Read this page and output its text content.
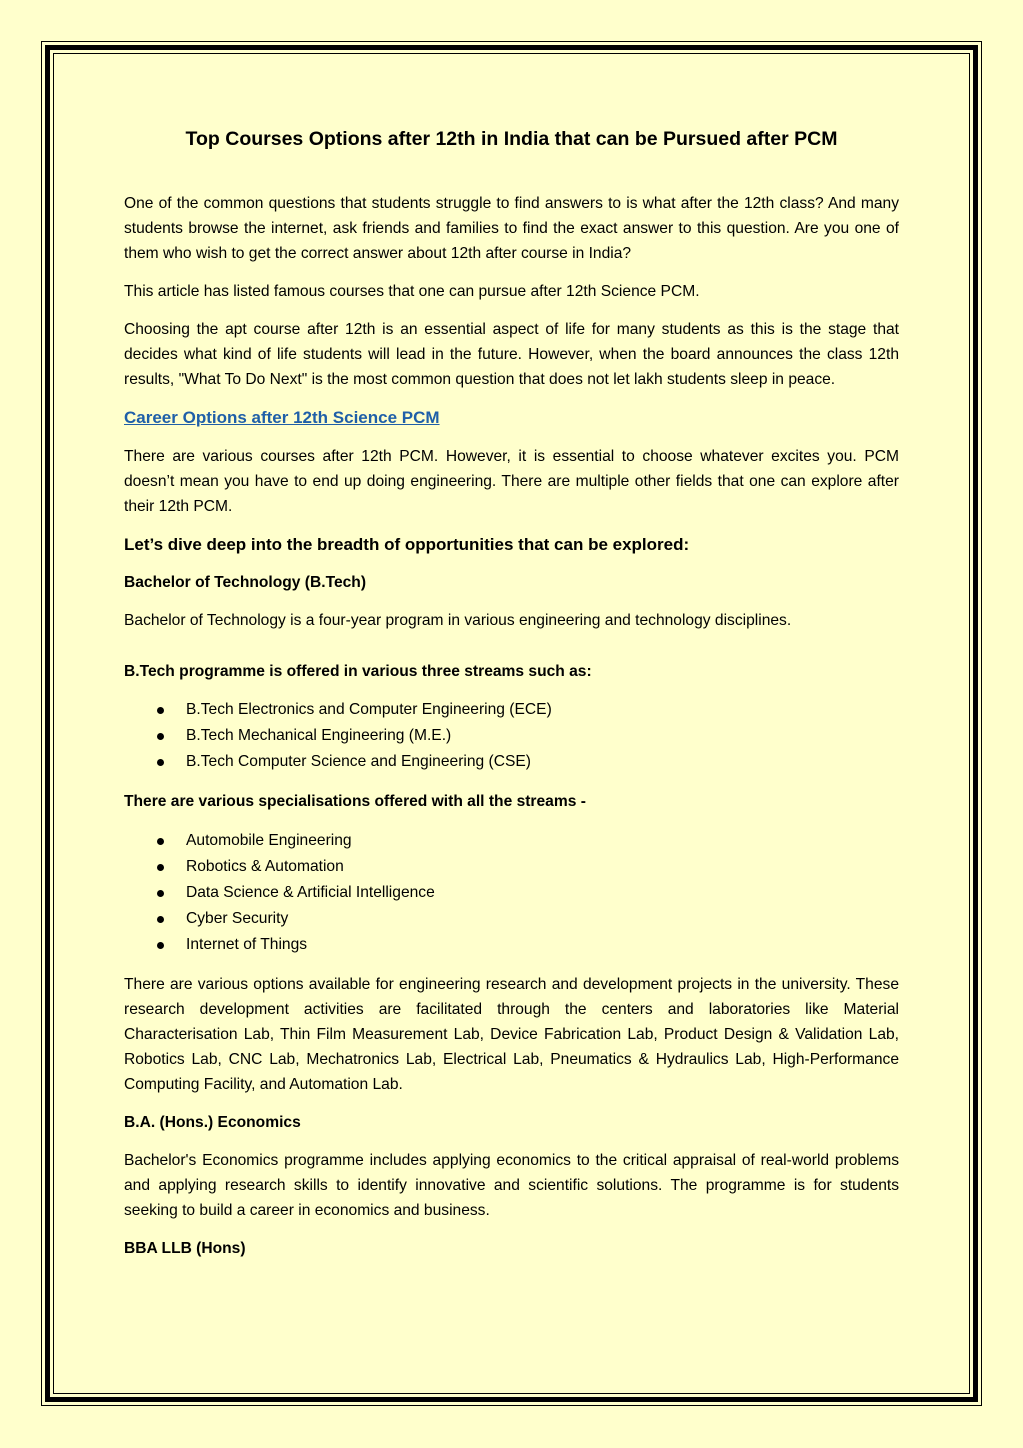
Top Courses Options after 12th in India that can be Pursued after PCM

One of the common questions that students struggle to find answers to is what after the 12th class? And many students browse the internet, ask friends and families to find the exact answer to this question. Are you one of them who wish to get the correct answer about 12th after course in India?

This article has listed famous courses that one can pursue after 12th Science PCM.

Choosing the apt course after 12th is an essential aspect of life for many students as this is the stage that decides what kind of life students will lead in the future. However, when the board announces the class 12th results, "What To Do Next" is the most common question that does not let lakh students sleep in peace.

Career Options after 12th Science PCM

There are various courses after 12th PCM. However, it is essential to choose whatever excites you. PCM doesn’t mean you have to end up doing engineering. There are multiple other fields that one can explore after their 12th PCM.

Let’s dive deep into the breadth of opportunities that can be explored:
Bachelor of Technology (B.Tech)

Bachelor of Technology is a four-year program in various engineering and technology disciplines.

B.Tech programme is offered in various three streams such as:
B.Tech Electronics and Computer Engineering (ECE)
B.Tech Mechanical Engineering (M.E.)
B.Tech Computer Science and Engineering (CSE)
There are various specialisations offered with all the streams -
Automobile Engineering
Robotics & Automation
Data Science & Artificial Intelligence
Cyber Security
Internet of Things

There are various options available for engineering research and development projects in the university. These research development activities are facilitated through the centers and laboratories like Material Characterisation Lab, Thin Film Measurement Lab, Device Fabrication Lab, Product Design & Validation Lab, Robotics Lab, CNC Lab, Mechatronics Lab, Electrical Lab, Pneumatics & Hydraulics Lab, High-Performance Computing Facility, and Automation Lab.

B.A. (Hons.) Economics

Bachelor's Economics programme includes applying economics to the critical appraisal of real-world problems and applying research skills to identify innovative and scientific solutions. The programme is for students seeking to build a career in economics and business.

BBA LLB (Hons)
